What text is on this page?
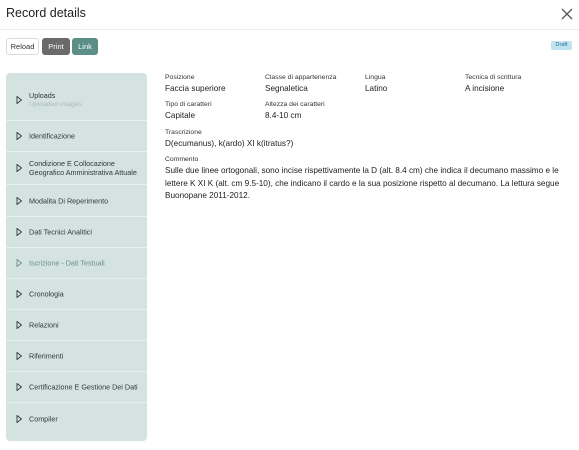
Record details
Reload	Print	Link	Draft
Uploads
Uploaded images
Identificazione
Condizione E Collocazione Geografico Amministrativa Attuale
Modalita Di Reperimento
Dati Tecnici Analitici
Iscrizione - Dati Testuali
Cronologia
Relazioni
Riferimenti
Certificazione E Gestione Dei Dati
Compiler
Posizione
Faccia superiore
Classe di appartenenza
Segnaletica
Lingua
Latino
Tecnica di scrittura
A incisione
Tipo di caratteri
Capitale
Altezza dei caratteri
8.4-10 cm
Trascrizione
D(ecumanus), k(ardo) XI k(itratus?)
Commento
Sulle due linee ortogonali, sono incise rispettivamente la D (alt. 8.4 cm) che indica il decumano massimo e le lettere K XI K (alt. cm 9.5-10), che indicano il cardo e la sua posizione rispetto al decumano. La lettura segue Buonopane 2011-2012.
